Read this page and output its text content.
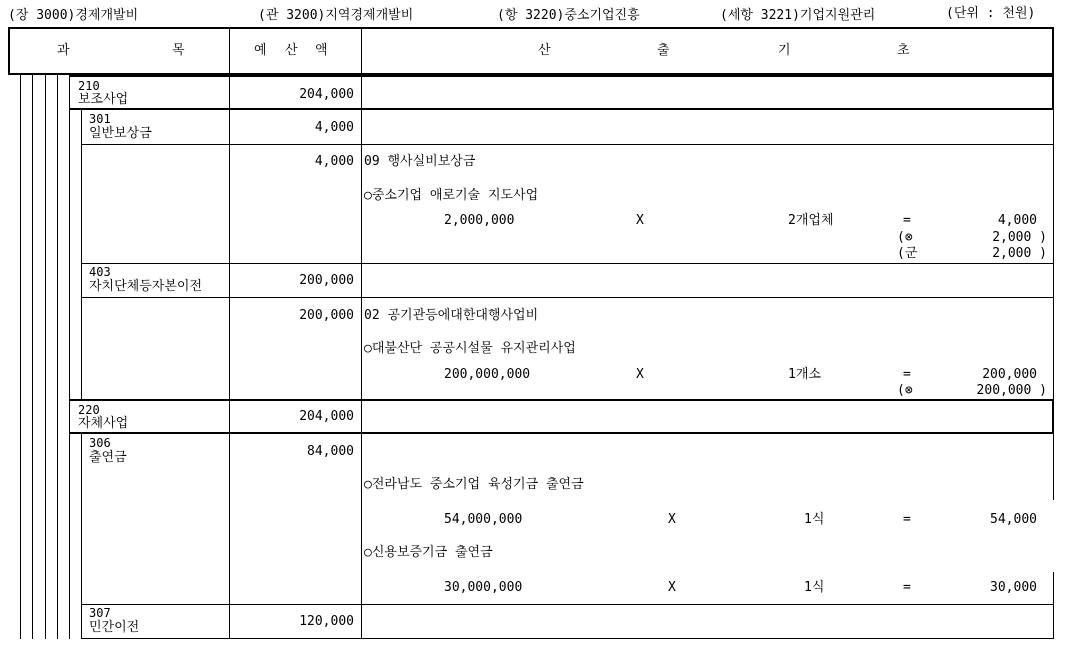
(장 3000)경제개발비	(관 3200)지역경제개발비	(항 3220)중소기업진흥	(세항 3221)기업지원관리	(단위 : 천원)
과	목	예 산 액	산	출	기	초
210
보조사업	204,000
301
일반보상금	4,000
4,000 09 행사실비보상금
○중소기업 애로기술 지도사업
2,000,000	X	2개업체	=	4,000
(⊗	2,000 )
(군	2,000 )
403
자치단체등자본이전	200,000
200,000 02 공기관등에대한대행사업비
○대불산단 공공시설물 유지관리사업
200,000,000	X	1개소	=	200,000
(⊗	200,000 )
220
자체사업	204,000
306
출연금	84,000
○전라남도 중소기업 육성기금 출연금
54,000,000	X	1식	=	54,000
○신용보증기금 출연금
30,000,000	X	1식	=	30,000
307
민간이전	120,000
